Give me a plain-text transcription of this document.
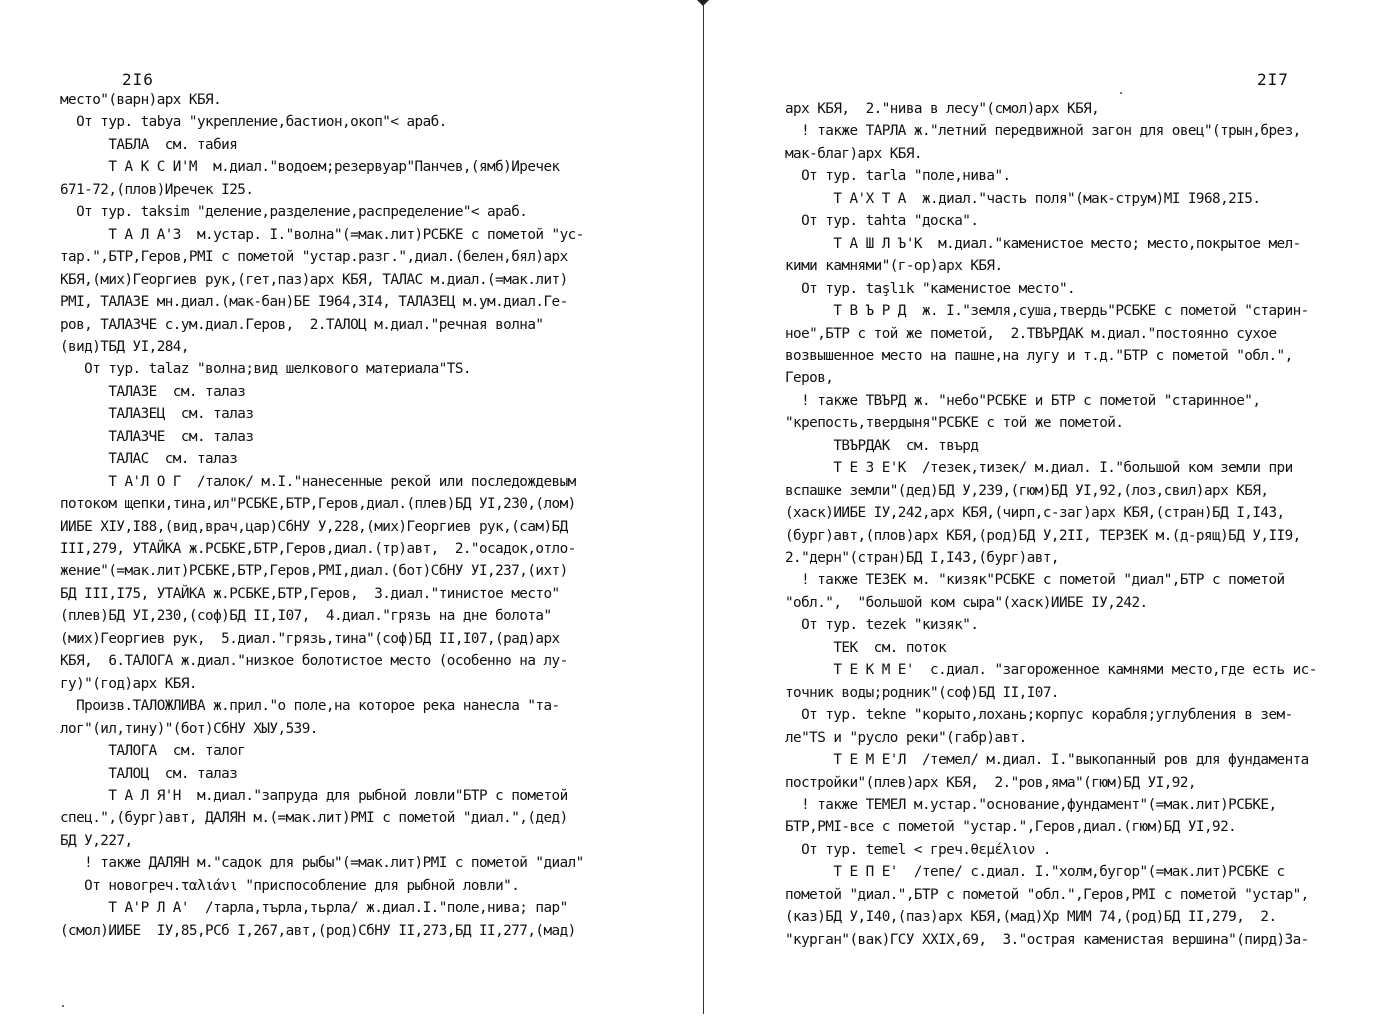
2I6
место"(варн)арх КБЯ.
От тур. tabya "укрепление,бастион,окоп"< араб.
ТАБЛА  см. табия
Т А К С И'М  м.диал."водоем;резервуар"Панчев,(ямб)Иречек
671-72,(плов)Иречек I25.
От тур. taksim "деление,разделение,распределение"< араб.
Т А Л А'З  м.устар. I."волна"(=мак.лит)РСБКЕ с пометой "ус-
тар.",БТР,Геров,РМI с пометой "устар.разг.",диал.(белен,бял)арх
КБЯ,(мих)Георгиев рук,(гет,паз)арх КБЯ, ТАЛАС м.диал.(=мак.лит)
РМI, ТАЛАЗЕ мн.диал.(мак-бан)БЕ I964,3I4, ТАЛАЗЕЦ м.ум.диал.Ге-
ров, ТАЛАЗЧЕ с.ум.диал.Геров,  2.ТАЛОЦ м.диал."речная волна"
(вид)ТБД УI,284,
От тур. talaz "волна;вид шелкового материала"TS.
ТАЛАЗЕ  см. талаз
ТАЛАЗЕЦ  см. талаз
ТАЛАЗЧЕ  см. талаз
ТАЛАС  см. талаз
Т А'Л О Г  /талок/ м.I."нанесенные рекой или последождевым
потоком щепки,тина,ил"РСБКЕ,БТР,Геров,диал.(плев)БД УI,230,(лом)
ИИБЕ ХIУ,I88,(вид,врач,цар)СбНУ У,228,(мих)Георгиев рук,(сам)БД
III,279, УТАЙКА ж.РСБКЕ,БТР,Геров,диал.(тр)авт,  2."осадок,отло-
жение"(=мак.лит)РСБКЕ,БТР,Геров,РМI,диал.(бот)СбНУ УI,237,(ихт)
БД III,I75, УТАЙКА ж.РСБКЕ,БТР,Геров,  3.диал."тинистое место"
(плев)БД УI,230,(соф)БД II,I07,  4.диал."грязь на дне болота"
(мих)Георгиев рук,  5.диал."грязь,тина"(соф)БД II,I07,(рад)арх
КБЯ,  6.ТАЛОГА ж.диал."низкое болотистое место (особенно на лу-
гу)"(год)арх КБЯ.
Произв.ТАЛОЖЛИВА ж.прил."о поле,на которое река нанесла "та-
лог"(ил,тину)"(бот)СбНУ ХЫУ,539.
ТАЛОГА  см. талог
ТАЛОЦ  см. талаз
Т А Л Я'Н  м.диал."запруда для рыбной ловли"БТР с пометой
спец.",(бург)авт, ДАЛЯН м.(=мак.лит)РМI с пометой "диал.",(дед)
БД У,227,
! также ДАЛЯН м."садок для рыбы"(=мак.лит)РМI с пометой "диал"
От новогреч.ταλιάνι "приспособление для рыбной ловли".
Т А'Р Л А'  /тарла,търла,тьрла/ ж.диал.I."поле,нива; пар"
(смол)ИИБЕ  IУ,85,РСб I,267,авт,(род)СбНУ II,273,БД II,277,(мад)
2I7
арх КБЯ,  2."нива в лесу"(смол)арх КБЯ,
! также ТАРЛА ж."летний передвижной загон для овец"(трын,брез,
мак-благ)арх КБЯ.
От тур. tarla "поле,нива".
Т А'Х Т А  ж.диал."часть поля"(мак-струм)МI I968,2I5.
От тур. tahta "доска".
Т А Ш Л Ъ'К  м.диал."каменистое место; место,покрытое мел-
кими камнями"(г-ор)арх КБЯ.
От тур. taşlık "каменистое место".
Т В Ъ Р Д  ж. I."земля,суша,твердь"РСБКЕ с пометой "старин-
ное",БТР с той же пометой,  2.ТВЪРДАК м.диал."постоянно сухое
возвышенное место на пашне,на лугу и т.д."БТР с пометой "обл.",
Геров,
! также ТВЪРД ж. "небо"РСБКЕ и БТР с пометой "старинное",
"крепость,твердыня"РСБКЕ с той же пометой.
ТВЪРДАК  см. твърд
Т Е З Е'К  /тезек,тизек/ м.диал. I."большой ком земли при
вспашке земли"(дед)БД У,239,(гюм)БД УI,92,(лоз,свил)арх КБЯ,
(хаск)ИИБЕ IУ,242,арх КБЯ,(чирп,с-заг)арх КБЯ,(стран)БД I,I43,
(бург)авт,(плов)арх КБЯ,(род)БД У,2II, ТЕРЗЕК м.(д-рящ)БД У,II9,
2."дерн"(стран)БД I,I43,(бург)авт,
! также ТЕЗЕК м. "кизяк"РСБКЕ с пометой "диал",БТР с пометой
"обл.",  "большой ком сыра"(хаск)ИИБЕ IУ,242.
От тур. tezek "кизяк".
ТЕК  см. поток
Т Е К М Е'  с.диал. "загороженное камнями место,где есть ис-
точник воды;родник"(соф)БД II,I07.
От тур. tekne "корыто,лохань;корпус корабля;углубления в зем-
ле"TS и "русло реки"(габр)авт.
Т Е М Е'Л  /темел/ м.диал. I."выкопанный ров для фундамента
постройки"(плев)арх КБЯ,  2."ров,яма"(гюм)БД УI,92,
! также ТЕМЕЛ м.устар."основание,фундамент"(=мак.лит)РСБКЕ,
БТР,РМI-все с пометой "устар.",Геров,диал.(гюм)БД УI,92.
От тур. temel < греч.θεμέλιον .
Т Е П Е'  /тепе/ с.диал. I."холм,бугор"(=мак.лит)РСБКЕ с
пометой "диал.",БТР с пометой "обл.",Геров,РМI с пометой "устар",
(каз)БД У,I40,(паз)арх КБЯ,(мад)Хр МИМ 74,(род)БД II,279,  2.
"курган"(вак)ГСУ XXIX,69,  3."острая каменистая вершина"(пирд)За-
